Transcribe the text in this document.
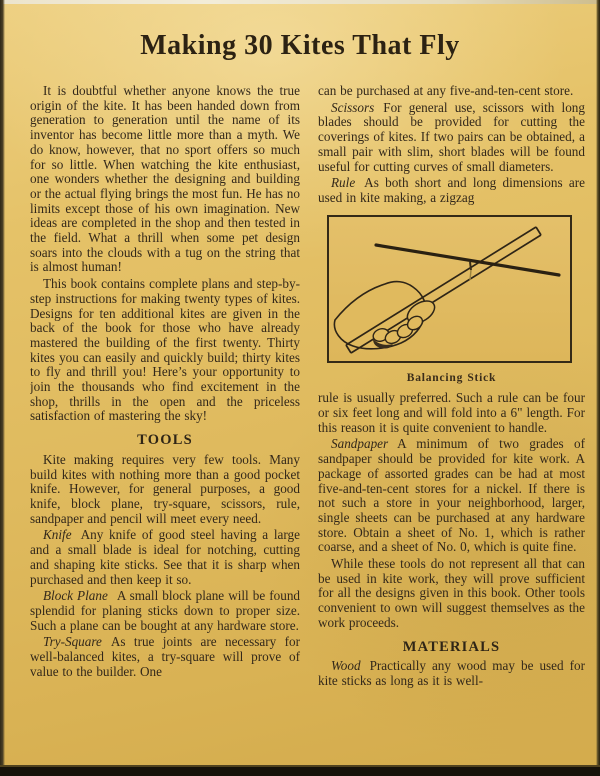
Making 30 Kites That Fly

It is doubtful whether anyone knows the true origin of the kite. It has been handed down from generation to generation until the name of its inventor has become little more than a myth. We do know, however, that no sport offers so much for so little. When watching the kite enthusiast, one wonders whether the designing and building or the actual flying brings the most fun. He has no limits except those of his own imagination. New ideas are completed in the shop and then tested in the field. What a thrill when some pet design soars into the clouds with a tug on the string that is almost human!

This book contains complete plans and step-by-step instructions for making twenty types of kites. Designs for ten additional kites are given in the back of the book for those who have already mastered the building of the first twenty. Thirty kites you can easily and quickly build; thirty kites to fly and thrill you! Here’s your opportunity to join the thousands who find excitement in the shop, thrills in the open and the priceless satisfaction of mastering the sky!

TOOLS

Kite making requires very few tools. Many build kites with nothing more than a good pocket knife. However, for general purposes, a good knife, block plane, try-square, scissors, rule, sandpaper and pencil will meet every need.

Knife Any knife of good steel having a large and a small blade is ideal for notching, cutting and shaping kite sticks. See that it is sharp when purchased and then keep it so.

Block Plane A small block plane will be found splendid for planing sticks down to proper size. Such a plane can be bought at any hardware store.

Try-Square As true joints are necessary for well-balanced kites, a try-square will prove of value to the builder. One

can be purchased at any five-and-ten-cent store.

Scissors For general use, scissors with long blades should be provided for cutting the coverings of kites. If two pairs can be obtained, a small pair with slim, short blades will be found useful for cutting curves of small diameters.

Rule As both short and long dimensions are used in kite making, a zigzag

Balancing Stick

rule is usually preferred. Such a rule can be four or six feet long and will fold into a 6" length. For this reason it is quite convenient to handle.

Sandpaper A minimum of two grades of sandpaper should be provided for kite work. A package of assorted grades can be had at most five-and-ten-cent stores for a nickel. If there is not such a store in your neighborhood, larger, single sheets can be purchased at any hardware store. Obtain a sheet of No. 1, which is rather coarse, and a sheet of No. 0, which is quite fine.

While these tools do not represent all that can be used in kite work, they will prove sufficient for all the designs given in this book. Other tools convenient to own will suggest themselves as the work proceeds.

MATERIALS

Wood Practically any wood may be used for kite sticks as long as it is well-
